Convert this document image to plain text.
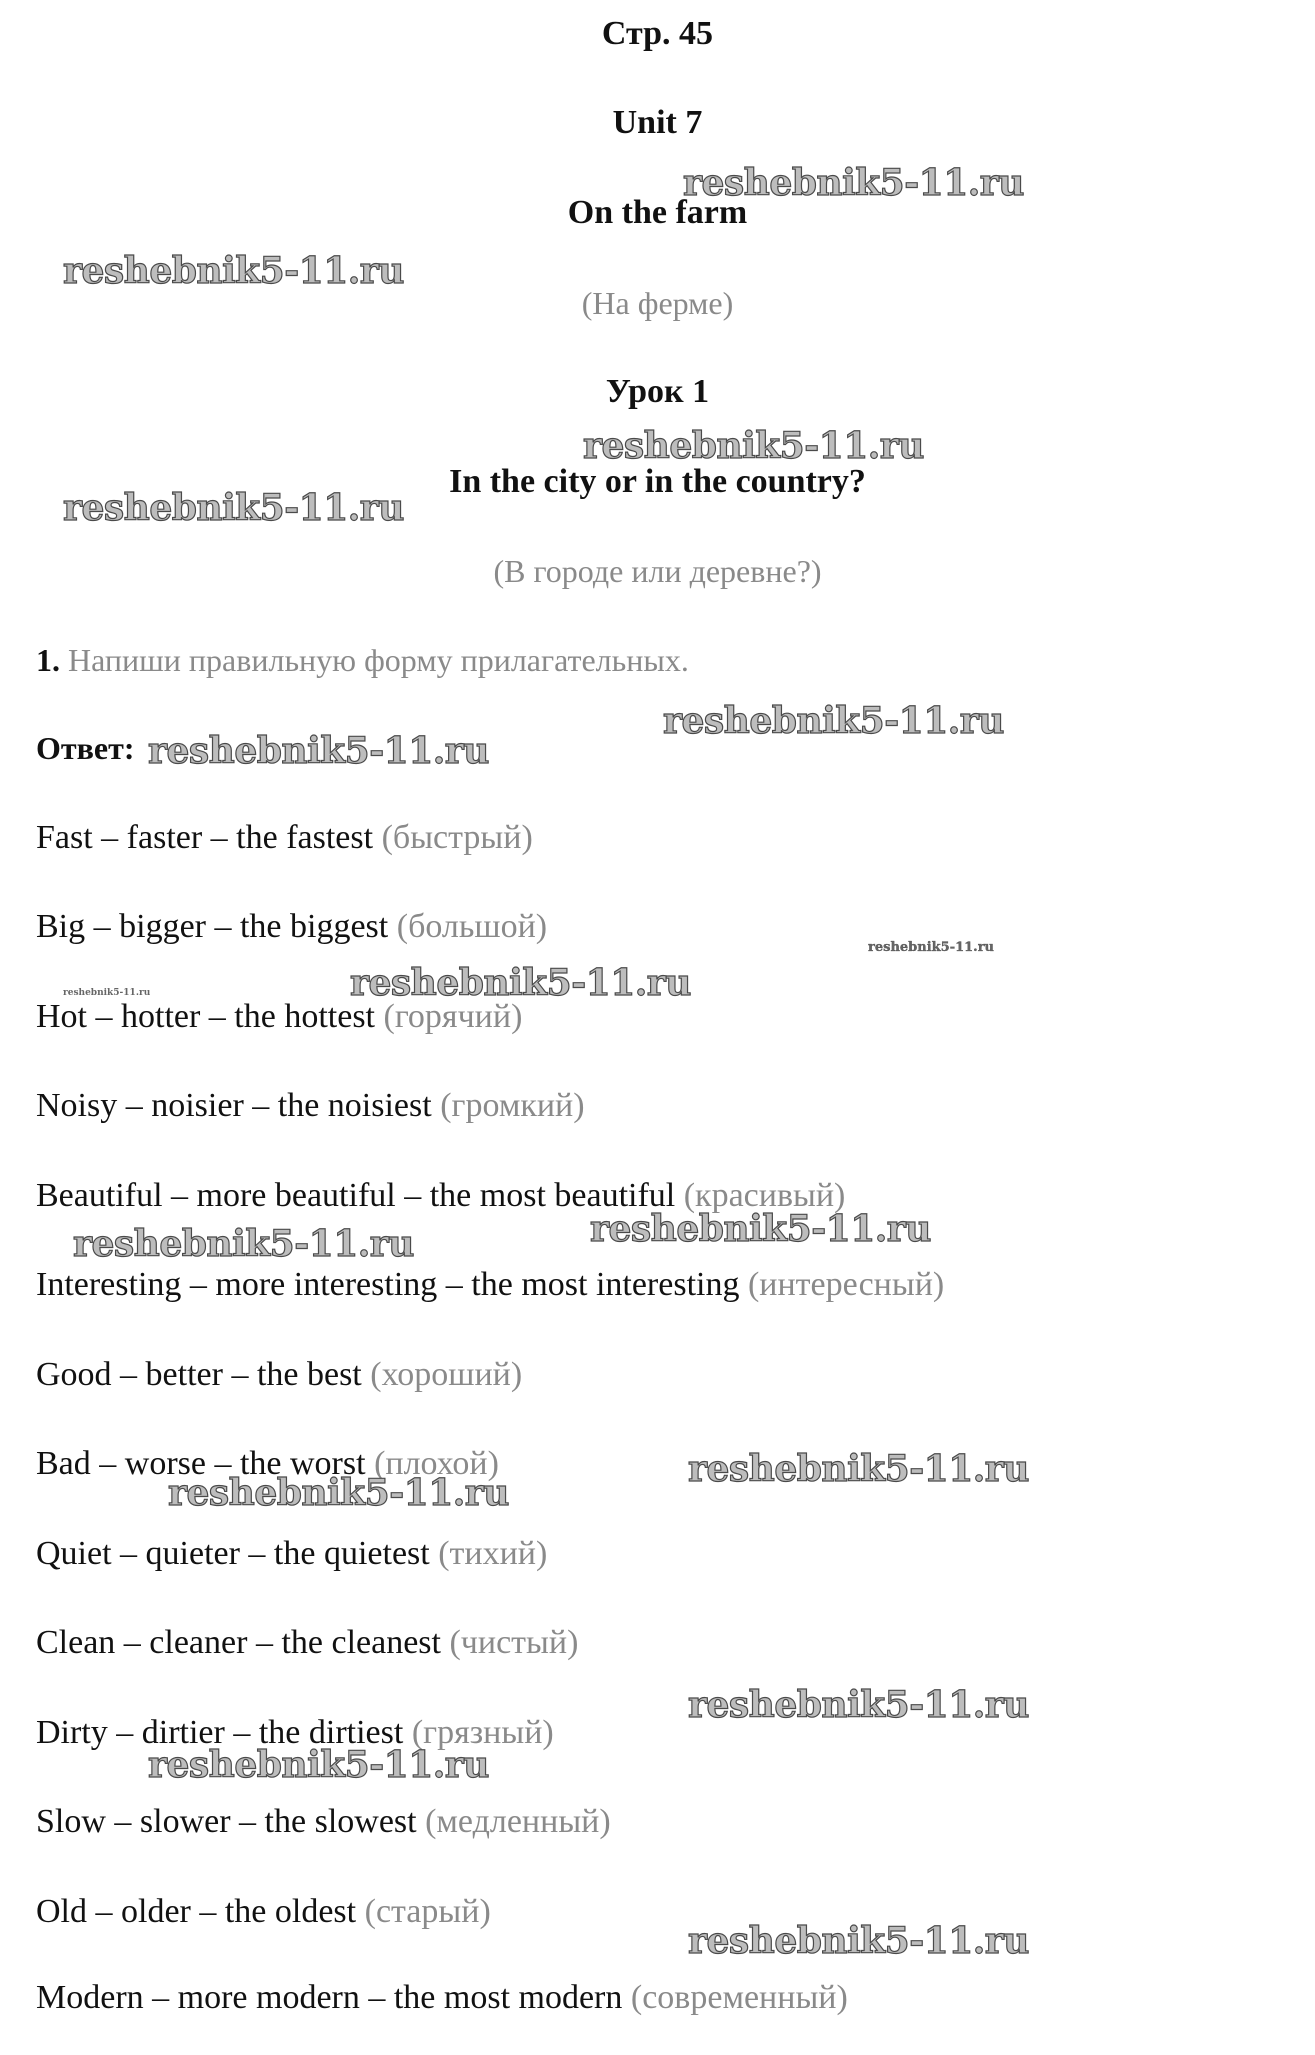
Стр. 45
Unit 7
On the farm
(На ферме)
Урок 1
In the city or in the country?
(В городе или деревне?)
1. Напиши правильную форму прилагательных.
Ответ:
Fast – faster – the fastest (быстрый)
Big – bigger – the biggest (большой)
Hot – hotter – the hottest (горячий)
Noisy – noisier – the noisiest (громкий)
Beautiful – more beautiful – the most beautiful (красивый)
Interesting – more interesting – the most interesting (интересный)
Good – better – the best (хороший)
Bad – worse – the worst (плохой)
Quiet – quieter – the quietest (тихий)
Clean – cleaner – the cleanest (чистый)
Dirty – dirtier – the dirtiest (грязный)
Slow – slower – the slowest (медленный)
Old – older – the oldest (старый)
Modern – more modern – the most modern (современный)
reshebnik5-11.ru
reshebnik5-11.ru
reshebnik5-11.ru
reshebnik5-11.ru
reshebnik5-11.ru
reshebnik5-11.ru
reshebnik5-11.ru
reshebnik5-11.ru	reshebnik5-11.ru
reshebnik5-11.ru	reshebnik5-11.ru
reshebnik5-11.ru
reshebnik5-11.ru
reshebnik5-11.ru
reshebnik5-11.ru
reshebnik5-11.ru
